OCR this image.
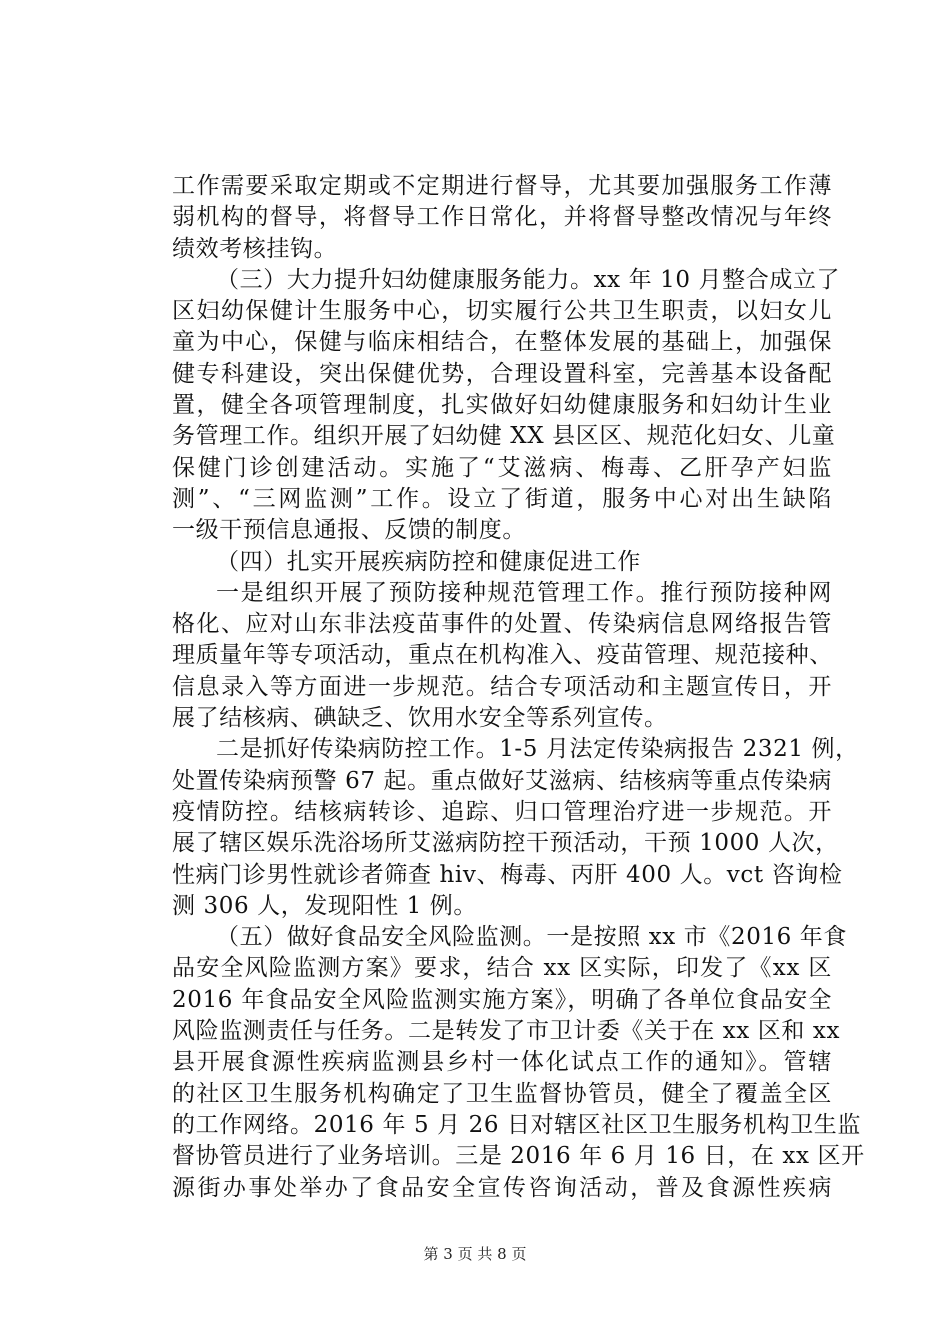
工作需要采取定期或不定期进行督导，尤其要加强服务工作薄
弱机构的督导，将督导工作日常化，并将督导整改情况与年终
绩效考核挂钩。
（三）大力提升妇幼健康服务能力。xx 年 10 月整合成立了
区妇幼保健计生服务中心，切实履行公共卫生职责，以妇女儿
童为中心，保健与临床相结合，在整体发展的基础上，加强保
健专科建设，突出保健优势，合理设置科室，完善基本设备配
置，健全各项管理制度，扎实做好妇幼健康服务和妇幼计生业
务管理工作。组织开展了妇幼健 XX 县区区、规范化妇女、儿童
保健门诊创建活动。实施了“艾滋病、梅毒、乙肝孕产妇监
测”、“三网监测”工作。设立了街道，服务中心对出生缺陷
一级干预信息通报、反馈的制度。
（四）扎实开展疾病防控和健康促进工作
一是组织开展了预防接种规范管理工作。推行预防接种网
格化、应对山东非法疫苗事件的处置、传染病信息网络报告管
理质量年等专项活动，重点在机构准入、疫苗管理、规范接种、
信息录入等方面进一步规范。结合专项活动和主题宣传日，开
展了结核病、碘缺乏、饮用水安全等系列宣传。
二是抓好传染病防控工作。1-5 月法定传染病报告 2321 例，
处置传染病预警 67 起。重点做好艾滋病、结核病等重点传染病
疫情防控。结核病转诊、追踪、归口管理治疗进一步规范。开
展了辖区娱乐洗浴场所艾滋病防控干预活动，干预 1000 人次，
性病门诊男性就诊者筛查 hiv、梅毒、丙肝 400 人。vct 咨询检
测 306 人，发现阳性 1 例。
（五）做好食品安全风险监测。一是按照 xx 市《2016 年食
品安全风险监测方案》要求，结合 xx 区实际，印发了《xx 区
2016 年食品安全风险监测实施方案》，明确了各单位食品安全
风险监测责任与任务。二是转发了市卫计委《关于在 xx 区和 xx
县开展食源性疾病监测县乡村一体化试点工作的通知》。管辖
的社区卫生服务机构确定了卫生监督协管员，健全了覆盖全区
的工作网络。2016 年 5 月 26 日对辖区社区卫生服务机构卫生监
督协管员进行了业务培训。三是 2016 年 6 月 16 日，在 xx 区开
源街办事处举办了食品安全宣传咨询活动，普及食源性疾病
第 3 页 共 8 页
